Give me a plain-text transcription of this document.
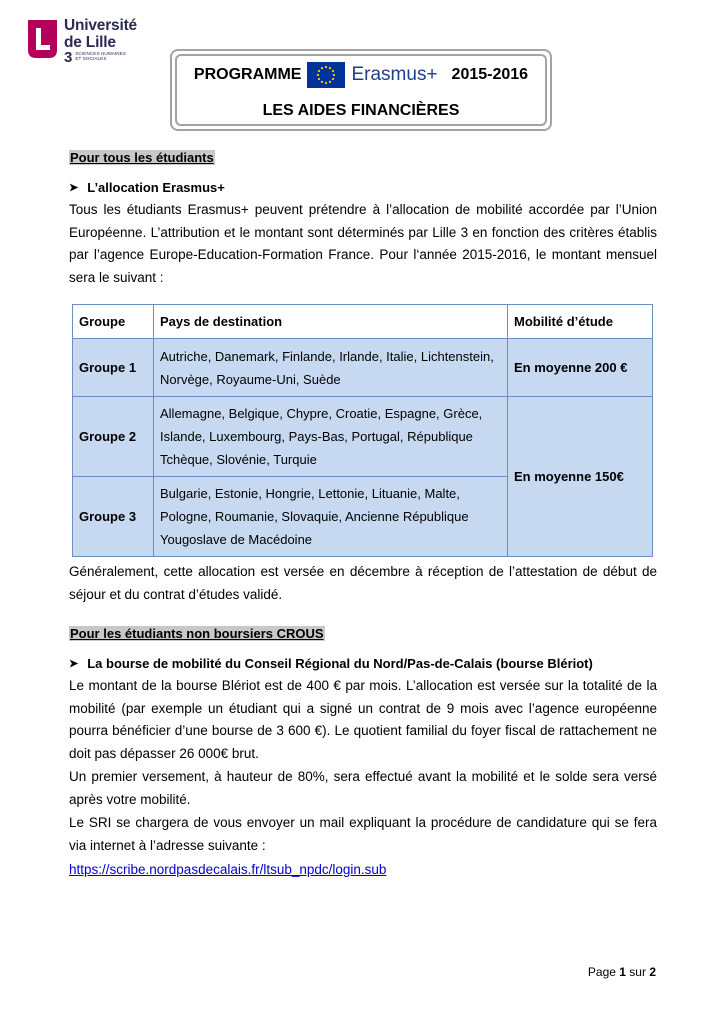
Université
de Lille
3 SCIENCES HUMAINES
ET SOCIALES
PROGRAMME	Erasmus+ 2015-2016
LES AIDES FINANCIÈRES
Pour tous les étudiants
➤ L’allocation Erasmus+
Tous les étudiants Erasmus+ peuvent prétendre à l’allocation de mobilité accordée par l’Union Européenne. L’attribution et le montant sont déterminés par Lille 3 en fonction des critères établis par l’agence Europe-Education-Formation France. Pour l‘année 2015-2016, le montant mensuel sera le suivant :
Groupe	Pays de destination	Mobilité d’étude
Groupe 1	Autriche, Danemark, Finlande, Irlande, Italie, Lichtenstein, Norvège, Royaume-Uni, Suède	En moyenne 200 €
Groupe 2	Allemagne, Belgique, Chypre, Croatie, Espagne, Grèce, Islande, Luxembourg, Pays-Bas, Portugal, République Tchèque, Slovénie, Turquie	En moyenne 150€
Groupe 3	Bulgarie, Estonie, Hongrie, Lettonie, Lituanie, Malte, Pologne, Roumanie, Slovaquie, Ancienne République Yougoslave de Macédoine	
Généralement, cette allocation est versée en décembre à réception de l’attestation de début de séjour et du contrat d’études validé.
Pour les étudiants non boursiers CROUS
➤ La bourse de mobilité du Conseil Régional du Nord/Pas-de-Calais (bourse Blériot)
Le montant de la bourse Blériot est de 400 € par mois. L’allocation est versée sur la totalité de la mobilité (par exemple un étudiant qui a signé un contrat de 9 mois avec l’agence européenne pourra bénéficier d’une bourse de 3 600 €). Le quotient familial du foyer fiscal de rattachement ne doit pas dépasser 26 000€ brut.
Un premier versement, à hauteur de 80%, sera effectué avant la mobilité et le solde sera versé après votre mobilité.
Le SRI se chargera de vous envoyer un mail expliquant la procédure de candidature qui se fera via internet à l’adresse suivante :
https://scribe.nordpasdecalais.fr/ltsub_npdc/login.sub
Page 1 sur 2
